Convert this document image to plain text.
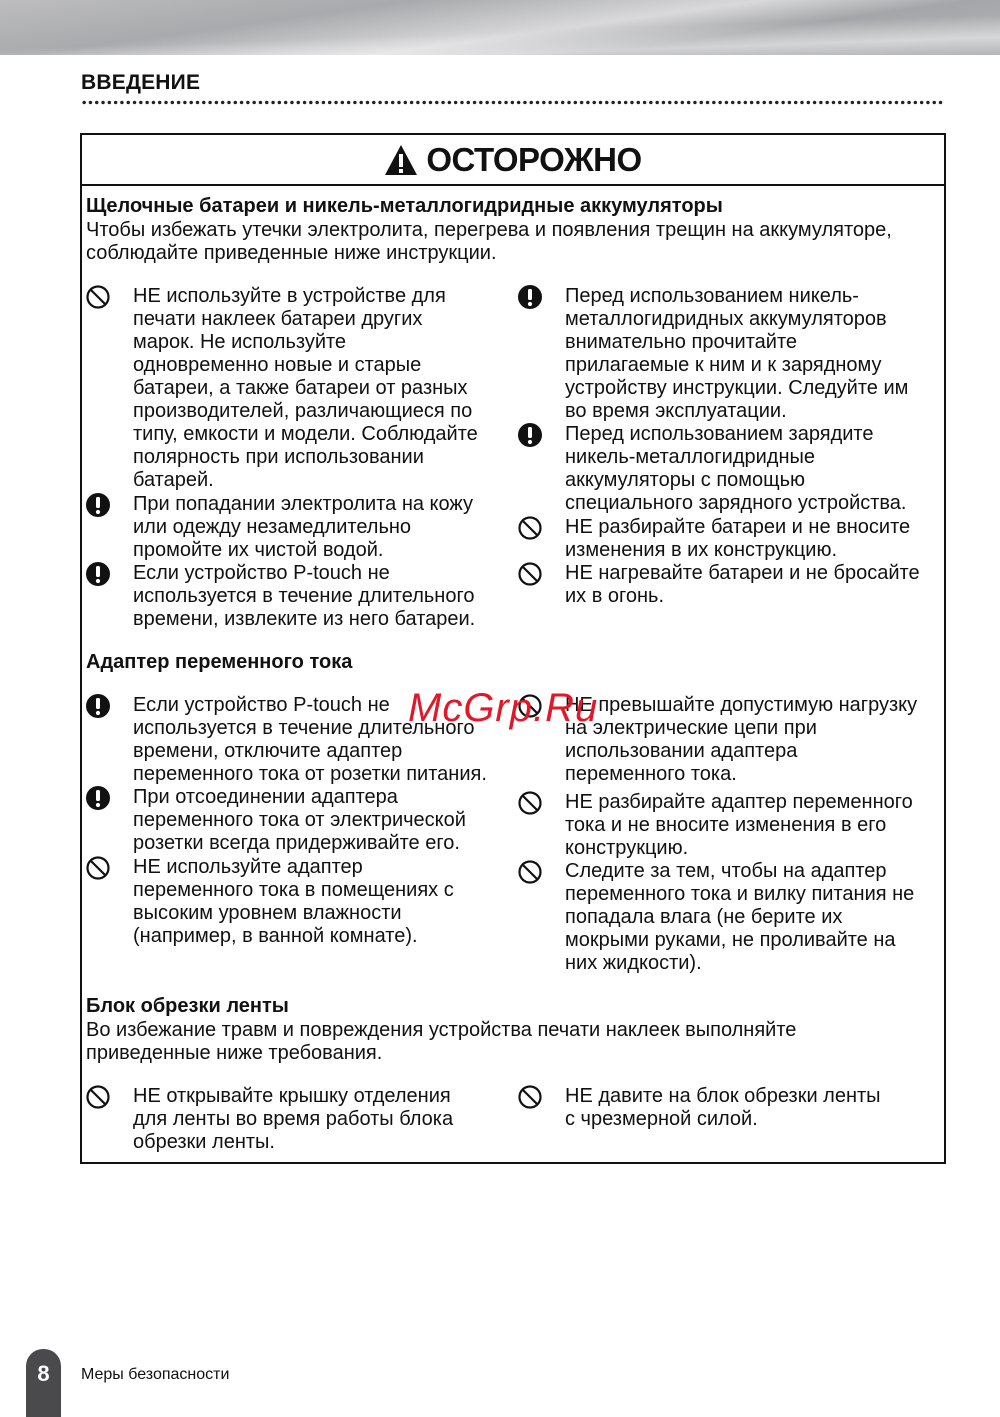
ВВЕДЕНИЕ
ОСТОРОЖНО
Щелочные батареи и никель-металлогидридные аккумуляторы
Чтобы избежать утечки электролита, перегрева и появления трещин на аккумуляторе,
соблюдайте приведенные ниже инструкции.
НЕ используйте в устройстве для
печати наклеек батареи других
марок. Не используйте
одновременно новые и старые
батареи, а также батареи от разных
производителей, различающиеся по
типу, емкости и модели. Соблюдайте
полярность при использовании
батарей.
При попадании электролита на кожу
или одежду незамедлительно
промойте их чистой водой.
Если устройство P-touch не
используется в течение длительного
времени, извлеките из него батареи.
Перед использованием никель-
металлогидридных аккумуляторов
внимательно прочитайте
прилагаемые к ним и к зарядному
устройству инструкции. Следуйте им
во время эксплуатации.
Перед использованием зарядите
никель-металлогидридные
аккумуляторы с помощью
специального зарядного устройства.
НЕ разбирайте батареи и не вносите
изменения в их конструкцию.
НЕ нагревайте батареи и не бросайте
их в огонь.
Адаптер переменного тока
Если устройство P-touch не
используется в течение длительного
времени, отключите адаптер
переменного тока от розетки питания.
При отсоединении адаптера
переменного тока от электрической
розетки всегда придерживайте его.
НЕ используйте адаптер
переменного тока в помещениях с
высоким уровнем влажности
(например, в ванной комнате).
НЕ превышайте допустимую нагрузку
на электрические цепи при
использовании адаптера
переменного тока.
НЕ разбирайте адаптер переменного
тока и не вносите изменения в его
конструкцию.
Следите за тем, чтобы на адаптер
переменного тока и вилку питания не
попадала влага (не берите их
мокрыми руками, не проливайте на
них жидкости).
Блок обрезки ленты
Во избежание травм и повреждения устройства печати наклеек выполняйте
приведенные ниже требования.
НЕ открывайте крышку отделения
для ленты во время работы блока
обрезки ленты.
НЕ давите на блок обрезки ленты
с чрезмерной силой.
McGrp.Ru
8	Меры безопасности
